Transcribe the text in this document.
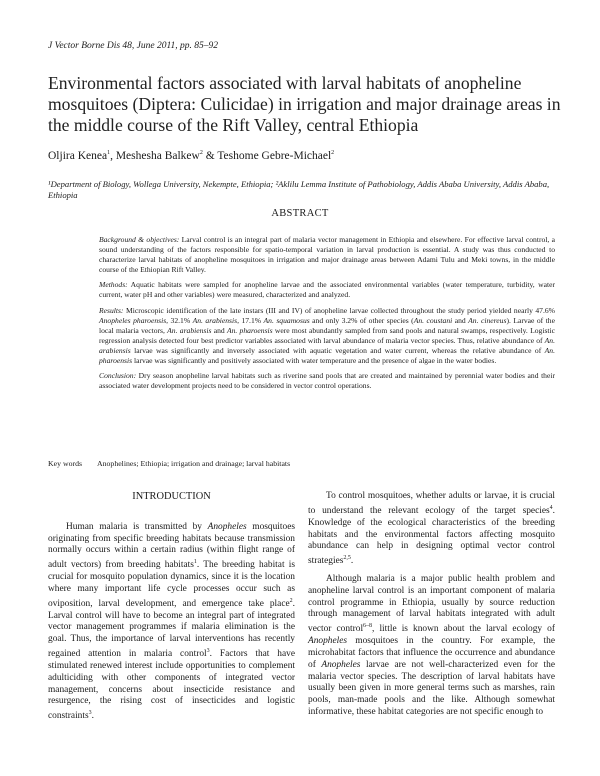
J Vector Borne Dis 48, June 2011, pp. 85–92
Environmental factors associated with larval habitats of anopheline mosquitoes (Diptera: Culicidae) in irrigation and major drainage areas in the middle course of the Rift Valley, central Ethiopia
Oljira Kenea$^1$, Meshesha Balkew$^2$ & Teshome Gebre-Michael$^2$
¹Department of Biology, Wollega University, Nekempte, Ethiopia; ²Aklilu Lemma Institute of Pathobiology, Addis Ababa University, Addis Ababa, Ethiopia
ABSTRACT

Background & objectives: Larval control is an integral part of malaria vector management in Ethiopia and elsewhere. For effective larval control, a sound understanding of the factors responsible for spatio-temporal variation in larval production is essential. A study was thus conducted to characterize larval habitats of anopheline mosquitoes in irrigation and major drainage areas between Adami Tulu and Meki towns, in the middle course of the Ethiopian Rift Valley.

Methods: Aquatic habitats were sampled for anopheline larvae and the associated environmental variables (water temperature, turbidity, water current, water pH and other variables) were measured, characterized and analyzed.

Results: Microscopic identification of the late instars (III and IV) of anopheline larvae collected throughout the study period yielded nearly 47.6% Anopheles pharoensis, 32.1% An. arabiensis, 17.1% An. squamosus and only 3.2% of other species (An. coustani and An. cinereus). Larvae of the local malaria vectors, An. arabiensis and An. pharoensis were most abundantly sampled from sand pools and natural swamps, respectively. Logistic regression analysis detected four best predictor variables associated with larval abundance of malaria vector species. Thus, relative abundance of An. arabiensis larvae was significantly and inversely associated with aquatic vegetation and water current, whereas the relative abundance of An. pharoensis larvae was significantly and positively associated with water temperature and the presence of algae in the water bodies.

Conclusion: Dry season anopheline larval habitats such as riverine sand pools that are created and maintained by perennial water bodies and their associated water development projects need to be considered in vector control operations.

Key words Anophelines; Ethiopia; irrigation and drainage; larval habitats
INTRODUCTION

Human malaria is transmitted by Anopheles mosquitoes originating from specific breeding habitats because transmission normally occurs within a certain radius (within flight range of adult vectors) from breeding habitats$^1$. The breeding habitat is crucial for mosquito population dynamics, since it is the location where many important life cycle processes occur such as oviposition, larval development, and emergence take place$^2$. Larval control will have to become an integral part of integrated vector management programmes if malaria elimination is the goal. Thus, the importance of larval interventions has recently regained attention in malaria control$^3$. Factors that have stimulated renewed interest include opportunities to complement adulticiding with other components of integrated vector management, concerns about insecticide resistance and resurgence, the rising cost of insecticides and logistic constraints$^3$.

To control mosquitoes, whether adults or larvae, it is crucial to understand the relevant ecology of the target species$^4$. Knowledge of the ecological characteristics of the breeding habitats and the environmental factors affecting mosquito abundance can help in designing optimal vector control strategies$^{2,5}$.

Although malaria is a major public health problem and anopheline larval control is an important component of malaria control programme in Ethiopia, usually by source reduction through management of larval habitats integrated with adult vector control$^{6-8}$, little is known about the larval ecology of Anopheles mosquitoes in the country. For example, the microhabitat factors that influence the occurrence and abundance of Anopheles larvae are not well-characterized even for the malaria vector species. The description of larval habitats have usually been given in more general terms such as marshes, rain pools, man-made pools and the like. Although somewhat informative, these habitat categories are not specific enough to
